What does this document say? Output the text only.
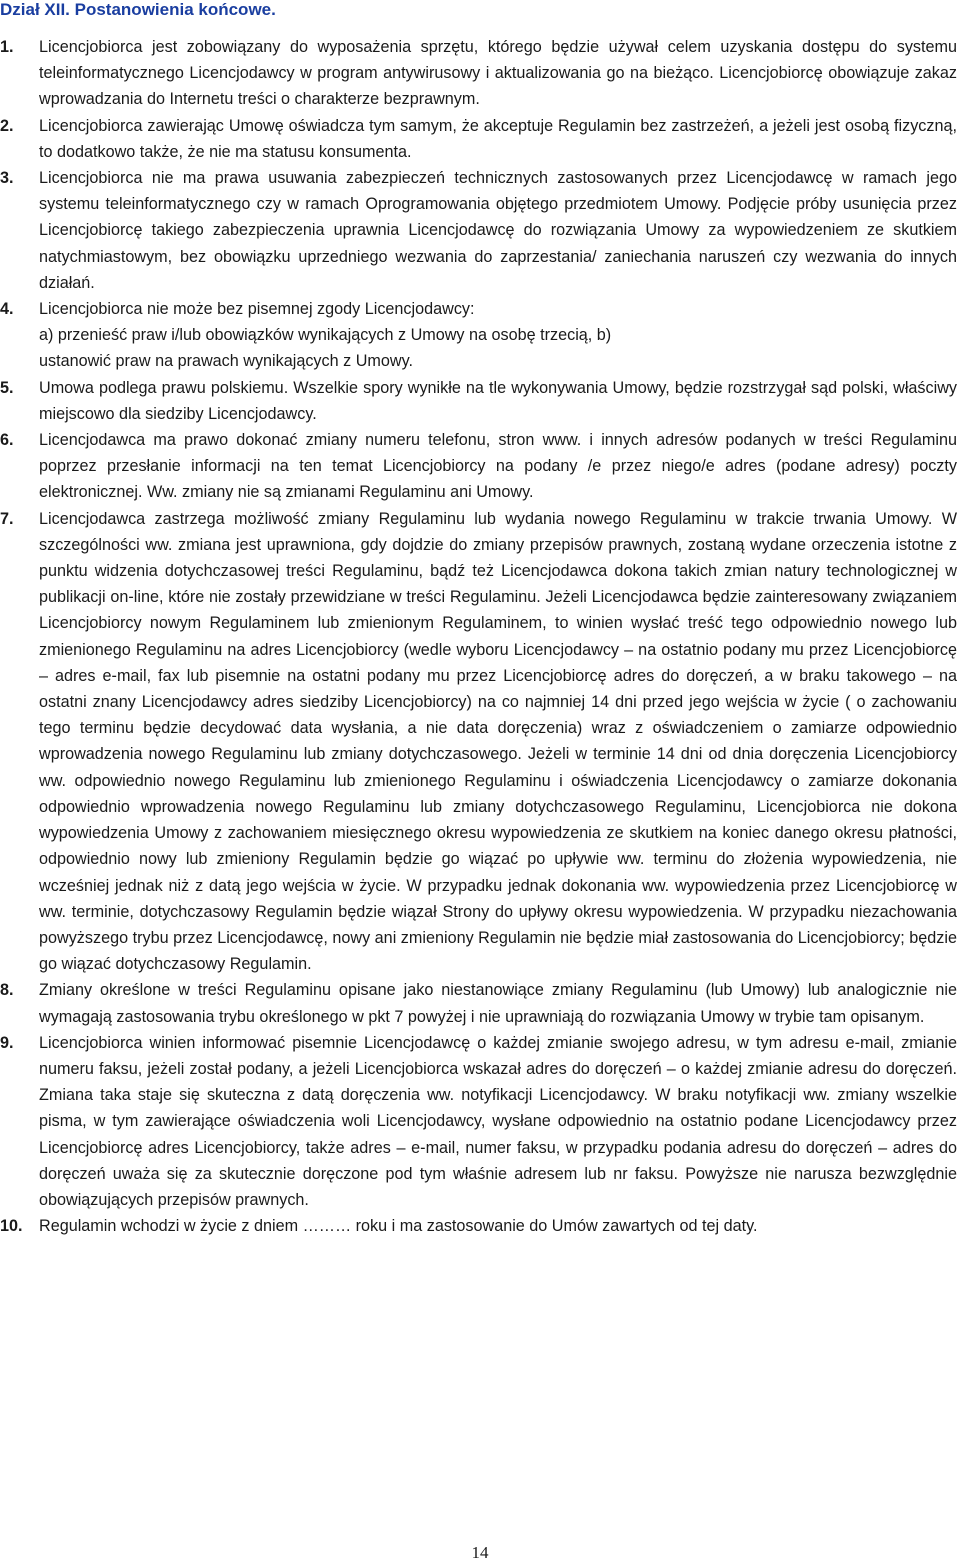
Dział XII. Postanowienia końcowe.
1. Licencjobiorca jest zobowiązany do wyposażenia sprzętu, którego będzie używał celem uzyskania dostępu do systemu teleinformatycznego Licencjodawcy w program antywirusowy i aktualizowania go na bieżąco. Licencjobiorcę obowiązuje zakaz wprowadzania do Internetu treści o charakterze bezprawnym.
2. Licencjobiorca zawierając Umowę oświadcza tym samym, że akceptuje Regulamin bez zastrzeżeń, a jeżeli jest osobą fizyczną, to dodatkowo także, że nie ma statusu konsumenta.
3. Licencjobiorca nie ma prawa usuwania zabezpieczeń technicznych zastosowanych przez Licencjodawcę w ramach jego systemu teleinformatycznego czy w ramach Oprogramowania objętego przedmiotem Umowy. Podjęcie próby usunięcia przez Licencjobiorcę takiego zabezpieczenia uprawnia Licencjodawcę do rozwiązania Umowy za wypowiedzeniem ze skutkiem natychmiastowym, bez obowiązku uprzedniego wezwania do zaprzestania/ zaniechania naruszeń czy wezwania do innych działań.
4. Licencjobiorca nie może bez pisemnej zgody Licencjodawcy:
a) przenieść praw i/lub obowiązków wynikających z Umowy na osobę trzecią, b)
ustanowić praw na prawach wynikających z Umowy.
5. Umowa podlega prawu polskiemu. Wszelkie spory wynikłe na tle wykonywania Umowy, będzie rozstrzygał sąd polski, właściwy miejscowo dla siedziby Licencjodawcy.
6. Licencjodawca ma prawo dokonać zmiany numeru telefonu, stron www. i innych adresów podanych w treści Regulaminu poprzez przesłanie informacji na ten temat Licencjobiorcy na podany /e przez niego/e adres (podane adresy) poczty elektronicznej. Ww. zmiany nie są zmianami Regulaminu ani Umowy.
7. Licencjodawca zastrzega możliwość zmiany Regulaminu lub wydania nowego Regulaminu w trakcie trwania Umowy. W szczególności ww. zmiana jest uprawniona, gdy dojdzie do zmiany przepisów prawnych, zostaną wydane orzeczenia istotne z punktu widzenia dotychczasowej treści Regulaminu, bądź też Licencjodawca dokona takich zmian natury technologicznej w publikacji on-line, które nie zostały przewidziane w treści Regulaminu. Jeżeli Licencjodawca będzie zainteresowany związaniem Licencjobiorcy nowym Regulaminem lub zmienionym Regulaminem, to winien wysłać treść tego odpowiednio nowego lub zmienionego Regulaminu na adres Licencjobiorcy (wedle wyboru Licencjodawcy – na ostatnio podany mu przez Licencjobiorcę – adres e-mail, fax lub pisemnie na ostatni podany mu przez Licencjobiorcę adres do doręczeń, a w braku takowego – na ostatni znany Licencjodawcy adres siedziby Licencjobiorcy) na co najmniej 14 dni przed jego wejścia w życie ( o zachowaniu tego terminu będzie decydować data wysłania, a nie data doręczenia) wraz z oświadczeniem o zamiarze odpowiednio wprowadzenia nowego Regulaminu lub zmiany dotychczasowego. Jeżeli w terminie 14 dni od dnia doręczenia Licencjobiorcy ww. odpowiednio nowego Regulaminu lub zmienionego Regulaminu i oświadczenia Licencjodawcy o zamiarze dokonania odpowiednio wprowadzenia nowego Regulaminu lub zmiany dotychczasowego Regulaminu, Licencjobiorca nie dokona wypowiedzenia Umowy z zachowaniem miesięcznego okresu wypowiedzenia ze skutkiem na koniec danego okresu płatności, odpowiednio nowy lub zmieniony Regulamin będzie go wiązać po upływie ww. terminu do złożenia wypowiedzenia, nie wcześniej jednak niż z datą jego wejścia w życie. W przypadku jednak dokonania ww. wypowiedzenia przez Licencjobiorcę w ww. terminie, dotychczasowy Regulamin będzie wiązał Strony do upływy okresu wypowiedzenia. W przypadku niezachowania powyższego trybu przez Licencjodawcę, nowy ani zmieniony Regulamin nie będzie miał zastosowania do Licencjobiorcy; będzie go wiązać dotychczasowy Regulamin.
8. Zmiany określone w treści Regulaminu opisane jako niestanowiące zmiany Regulaminu (lub Umowy) lub analogicznie nie wymagają zastosowania trybu określonego w pkt 7 powyżej i nie uprawniają do rozwiązania Umowy w trybie tam opisanym.
9. Licencjobiorca winien informować pisemnie Licencjodawcę o każdej zmianie swojego adresu, w tym adresu e-mail, zmianie numeru faksu, jeżeli został podany, a jeżeli Licencjobiorca wskazał adres do doręczeń – o każdej zmianie adresu do doręczeń. Zmiana taka staje się skuteczna z datą doręczenia ww. notyfikacji Licencjodawcy. W braku notyfikacji ww. zmiany wszelkie pisma, w tym zawierające oświadczenia woli Licencjodawcy, wysłane odpowiednio na ostatnio podane Licencjodawcy przez Licencjobiorcę adres Licencjobiorcy, także adres – e-mail, numer faksu, w przypadku podania adresu do doręczeń – adres do doręczeń uważa się za skutecznie doręczone pod tym właśnie adresem lub nr faksu. Powyższe nie narusza bezwzględnie obowiązujących przepisów prawnych.
10. Regulamin wchodzi w życie z dniem ……… roku i ma zastosowanie do Umów zawartych od tej daty.
14
